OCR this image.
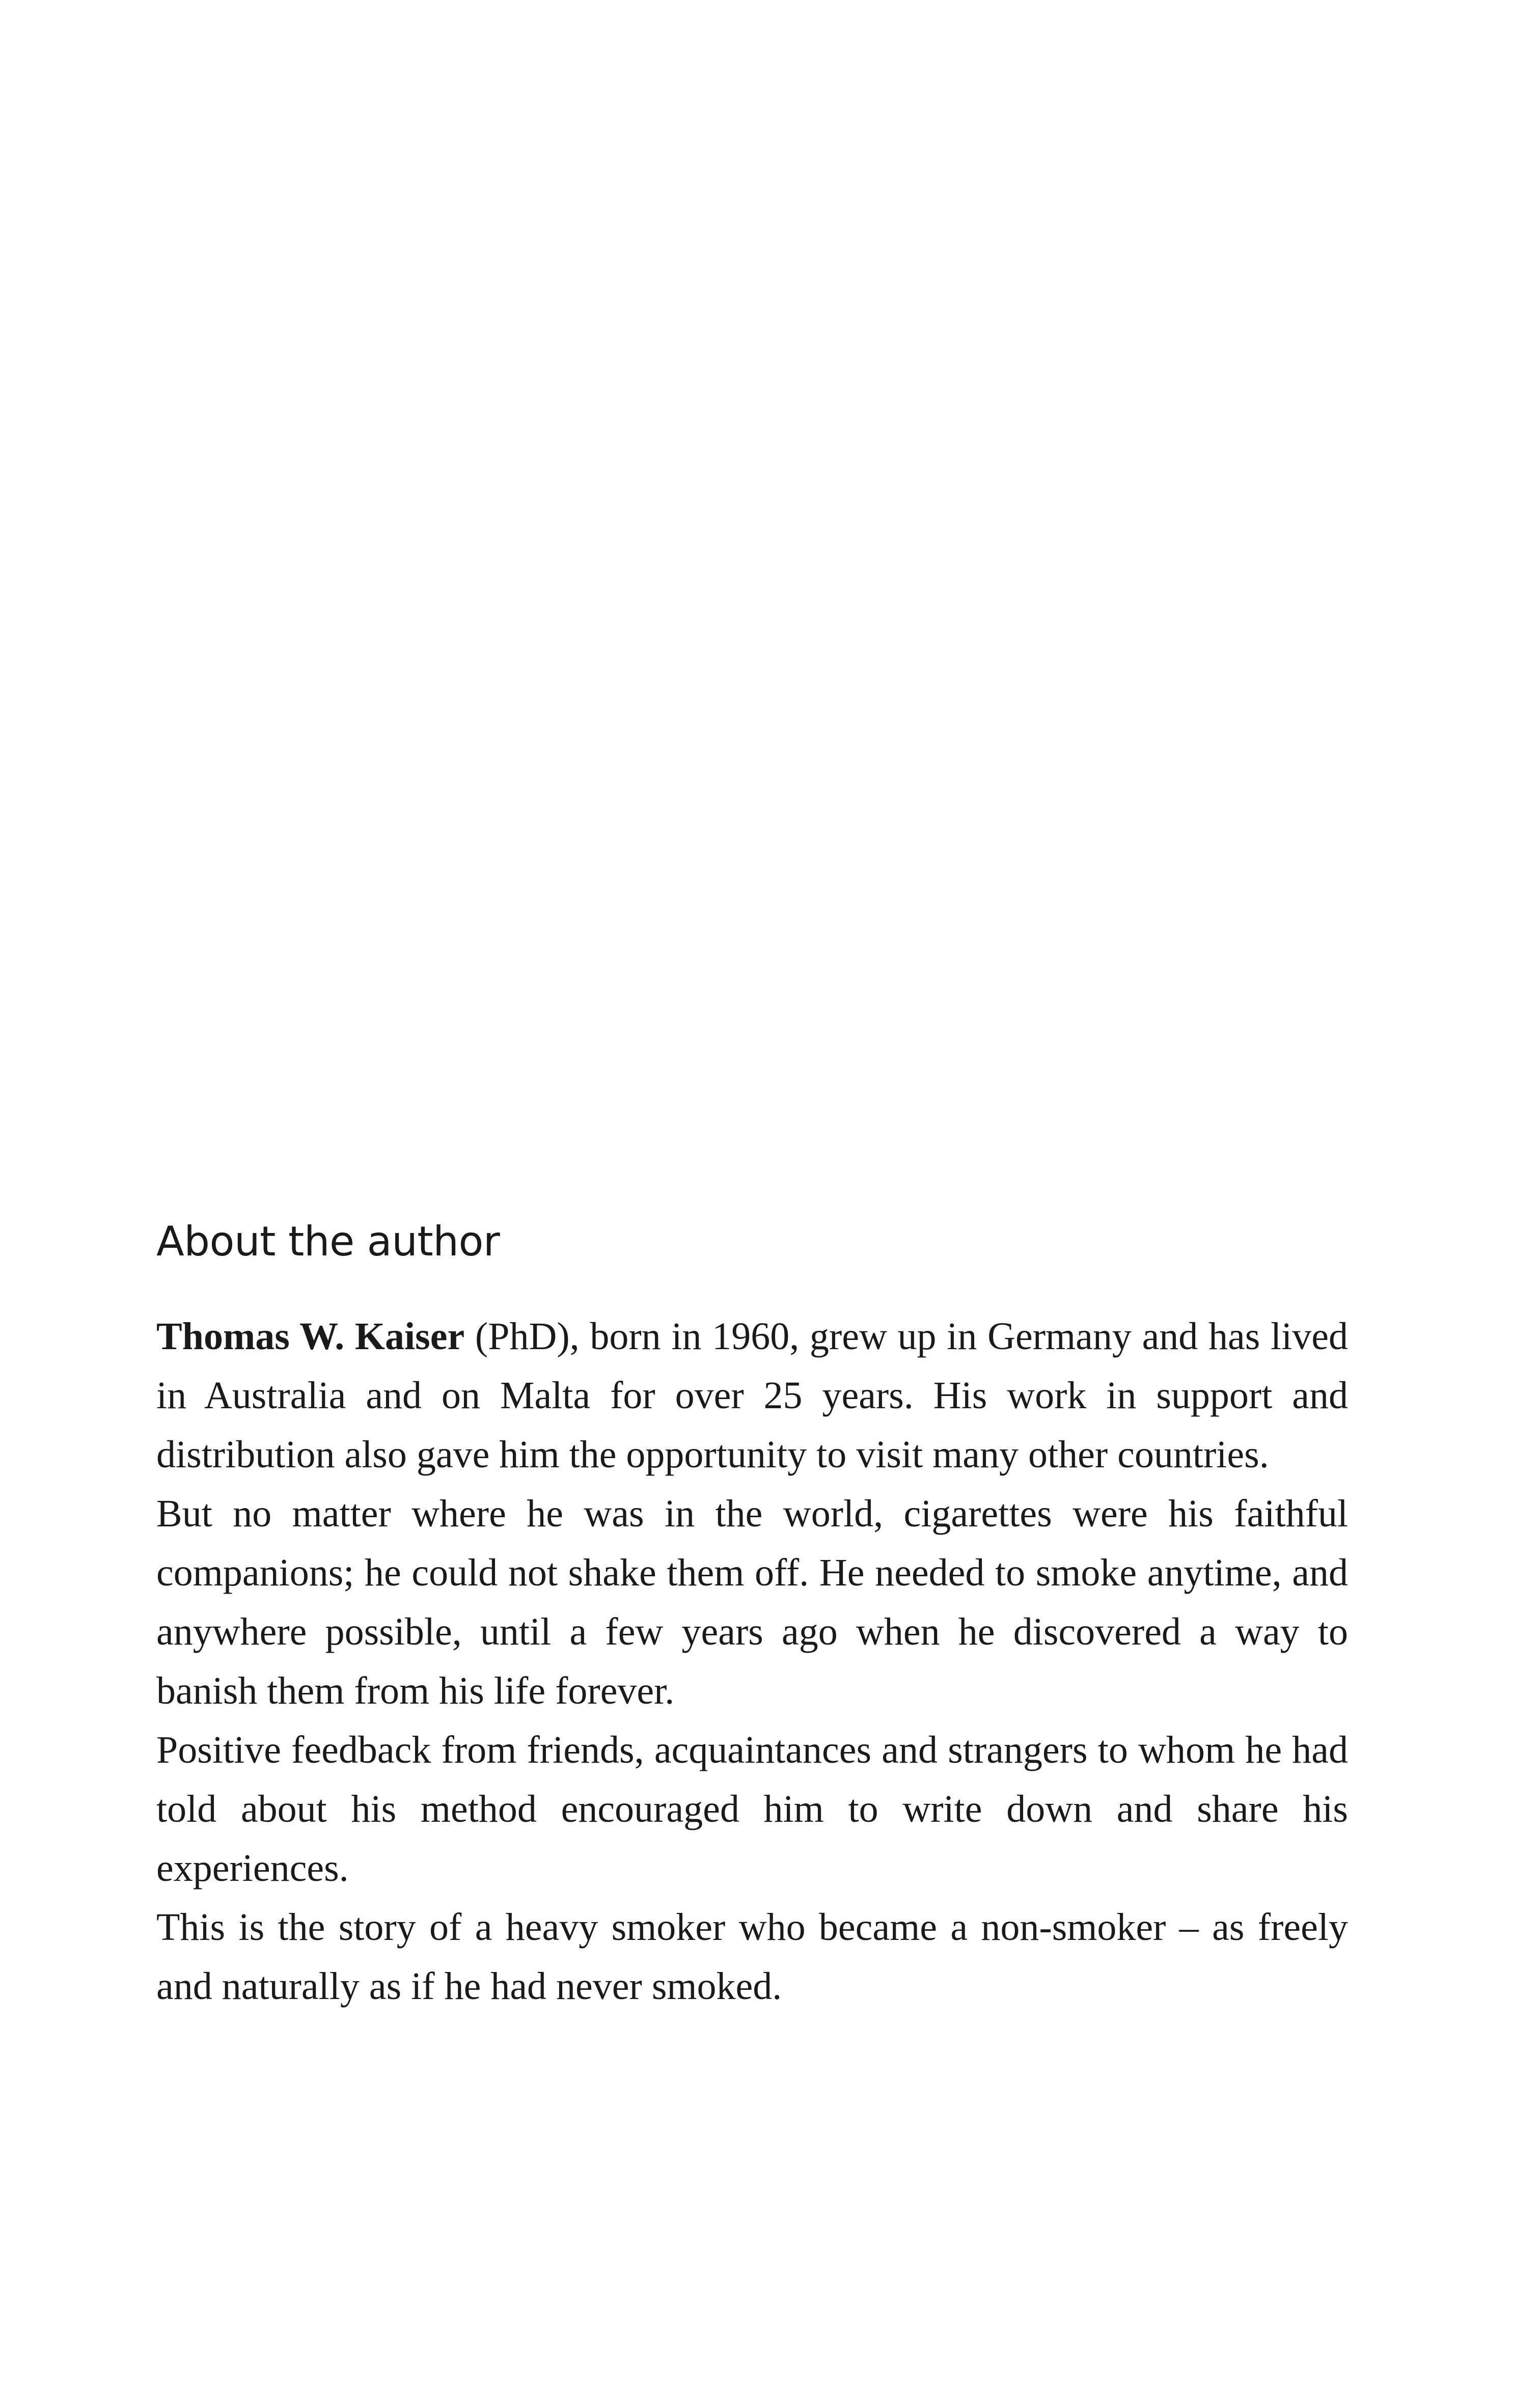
About the author

Thomas W. Kaiser (PhD), born in 1960, grew up in Germany and has lived in Australia and on Malta for over 25 years. His work in support and distribution also gave him the opportunity to visit many other countries.

But no matter where he was in the world, cigarettes were his faithful companions; he could not shake them off. He needed to smoke anytime, and anywhere possible, until a few years ago when he discovered a way to banish them from his life forever.

Positive feedback from friends, acquaintances and strangers to whom he had told about his method encouraged him to write down and share his experiences.

This is the story of a heavy smoker who became a non-smoker – as freely and naturally as if he had never smoked.
